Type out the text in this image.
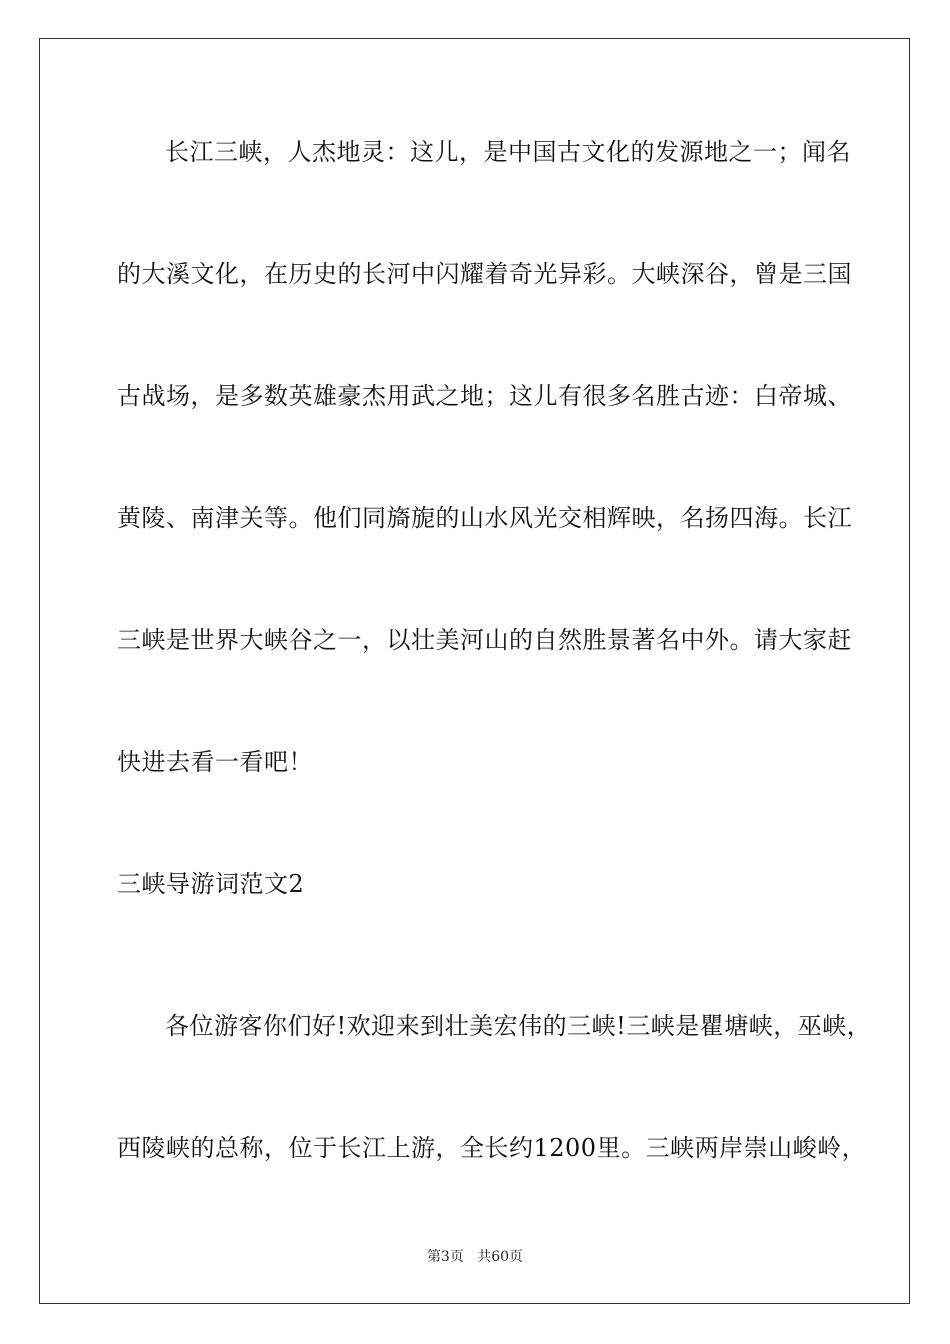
长江三峡，人杰地灵：这儿，是中国古文化的发源地之一；闻名
的大溪文化，在历史的长河中闪耀着奇光异彩。大峡深谷，曾是三国
古战场，是多数英雄豪杰用武之地；这儿有很多名胜古迹：白帝城、
黄陵、南津关等。他们同旖旎的山水风光交相辉映，名扬四海。长江
三峡是世界大峡谷之一，以壮美河山的自然胜景著名中外。请大家赶
快进去看一看吧！
三峡导游词范文2
各位游客你们好!欢迎来到壮美宏伟的三峡!三峡是瞿塘峡，巫峡，
西陵峡的总称，位于长江上游，全长约1200里。三峡两岸崇山峻岭，
第3页 共60页
